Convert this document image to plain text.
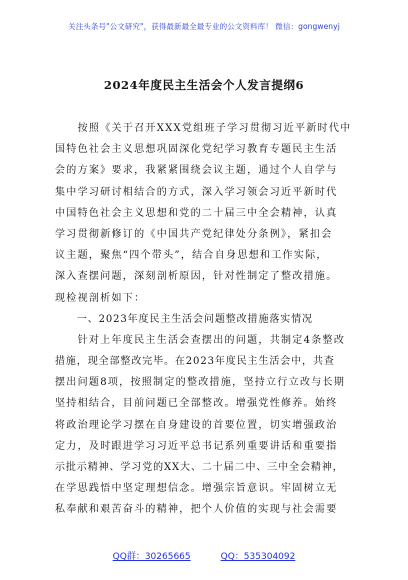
关注头条号"公文研究"，获得最新最全最专业的公文资料库！ 微信：gongwenyj
2024年度民主生活会个人发言提纲6
　　按照《关于召开XXX党组班子学习贯彻习近平新时代中
国特色社会主义思想巩固深化党纪学习教育专题民主生活
会的方案》要求，我紧紧围绕会议主题，通过个人自学与
集中学习研讨相结合的方式，深入学习领会习近平新时代
中国特色社会主义思想和党的二十届三中全会精神，认真
学习贯彻新修订的《中国共产党纪律处分条例》，紧扣会
议主题，聚焦“四个带头”，结合自身思想和工作实际，
深入查摆问题，深刻剖析原因，针对性制定了整改措施。
现检视剖析如下：
　　一、2023年度民主生活会问题整改措施落实情况
　　针对上年度民主生活会查摆出的问题，共制定4条整改
措施，现全部整改完毕。在2023年度民主生活会中，共查
摆出问题8项，按照制定的整改措施，坚持立行立改与长期
坚持相结合，目前问题已全部整改。增强党性修养。始终
将政治理论学习摆在自身建设的首要位置，切实增强政治
定力，及时跟进学习习近平总书记系列重要讲话和重要指
示批示精神、学习党的XX大、二十届二中、三中全会精神，
在学思践悟中坚定理想信念。增强宗旨意识。牢固树立无
私奉献和艰苦奋斗的精神，把个人价值的实现与社会需要
QQ群：30265665	QQ：535304092
